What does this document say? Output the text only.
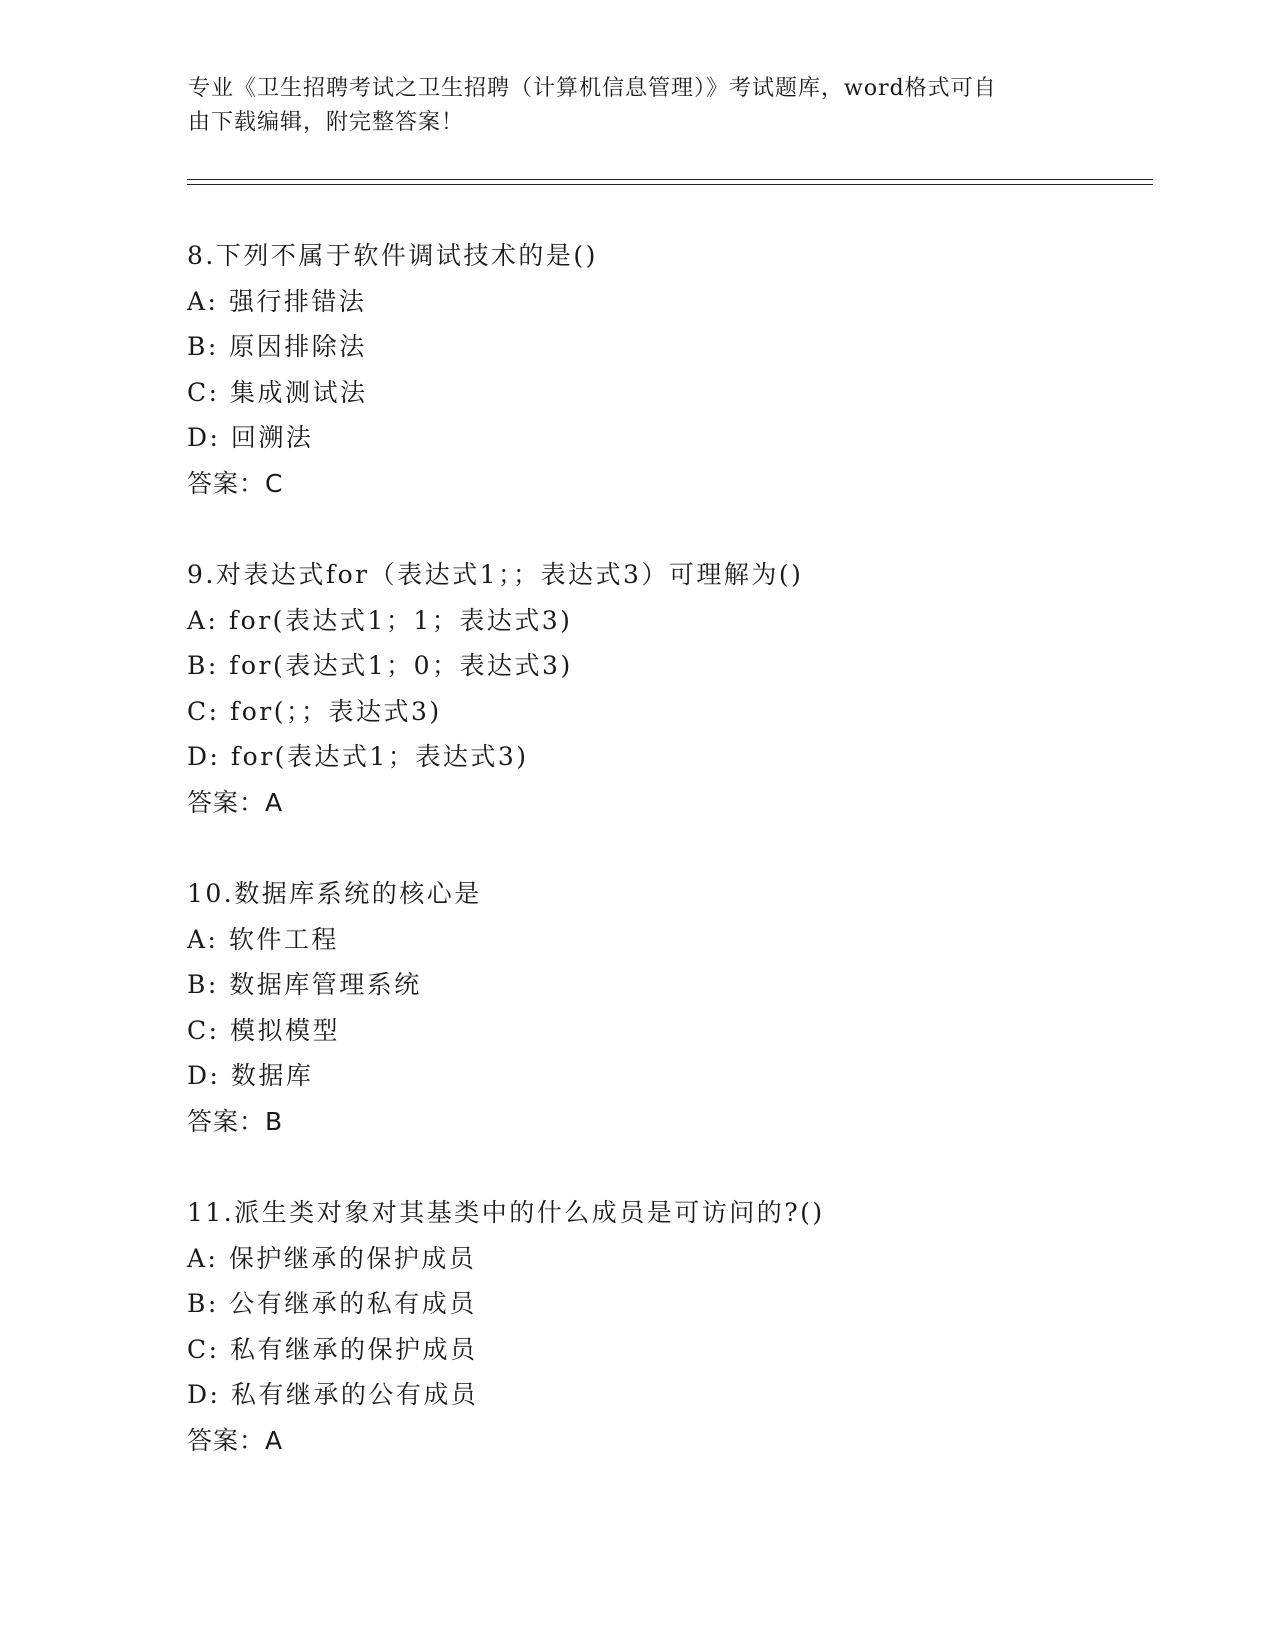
专业《卫生招聘考试之卫生招聘（计算机信息管理）》考试题库，word格式可自
由下载编辑，附完整答案！
8.下列不属于软件调试技术的是()
A: 强行排错法
B: 原因排除法
C: 集成测试法
D: 回溯法
答案：C
9.对表达式for（表达式1；；表达式3）可理解为()
A: for(表达式1；1；表达式3)
B: for(表达式1；0；表达式3)
C: for(；；表达式3)
D: for(表达式1；表达式3)
答案：A
10.数据库系统的核心是
A: 软件工程
B: 数据库管理系统
C: 模拟模型
D: 数据库
答案：B
11.派生类对象对其基类中的什么成员是可访问的?()
A: 保护继承的保护成员
B: 公有继承的私有成员
C: 私有继承的保护成员
D: 私有继承的公有成员
答案：A
